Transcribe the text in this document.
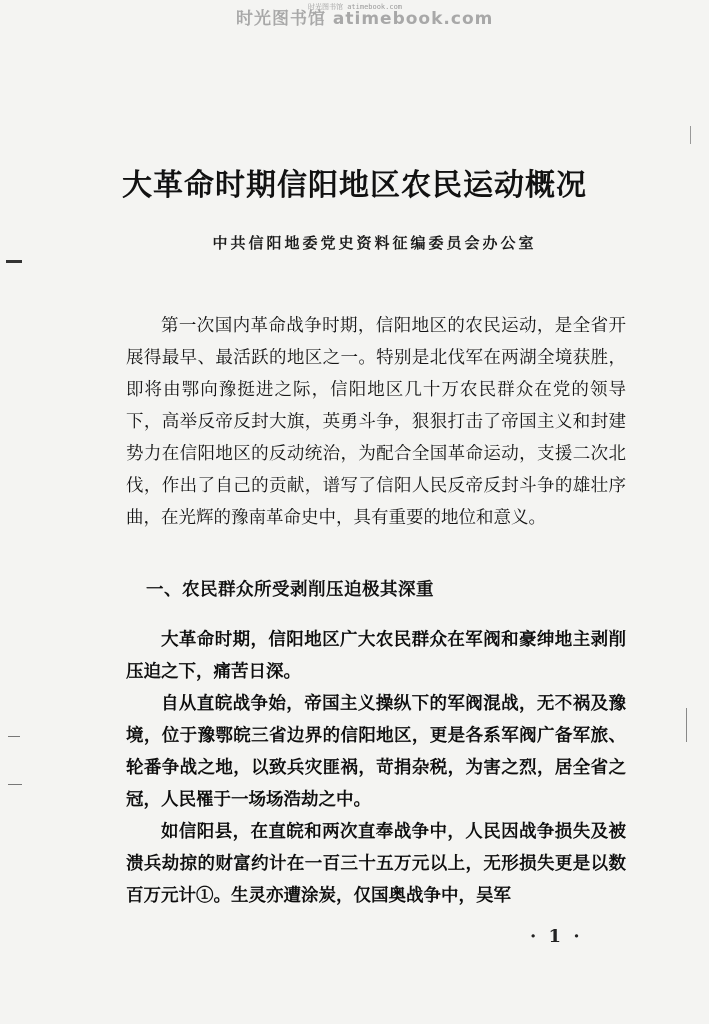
时光图书馆 atimebook.com
时光图书馆 atimebook.com
大革命时期信阳地区农民运动概况
中共信阳地委党史资料征编委员会办公室

第一次国内革命战争时期，信阳地区的农民运动，是全省开展得最早、最活跃的地区之一。特别是北伐军在两湖全境获胜，即将由鄂向豫挺进之际，信阳地区几十万农民群众在党的领导下，高举反帝反封大旗，英勇斗争，狠狠打击了帝国主义和封建势力在信阳地区的反动统治，为配合全国革命运动，支援二次北伐，作出了自己的贡献，谱写了信阳人民反帝反封斗争的雄壮序曲，在光辉的豫南革命史中，具有重要的地位和意义。

一、农民群众所受剥削压迫极其深重

大革命时期，信阳地区广大农民群众在军阀和豪绅地主剥削压迫之下，痛苦日深。

自从直皖战争始，帝国主义操纵下的军阀混战，无不祸及豫境，位于豫鄂皖三省边界的信阳地区，更是各系军阀广备军旅、轮番争战之地，以致兵灾匪祸，苛捐杂税，为害之烈，居全省之冠，人民罹于一场场浩劫之中。

如信阳县，在直皖和两次直奉战争中，人民因战争损失及被溃兵劫掠的财富约计在一百三十五万元以上，无形损失更是以数百万元计①。生灵亦遭涂炭，仅国奥战争中，吴军

· 1 ·
